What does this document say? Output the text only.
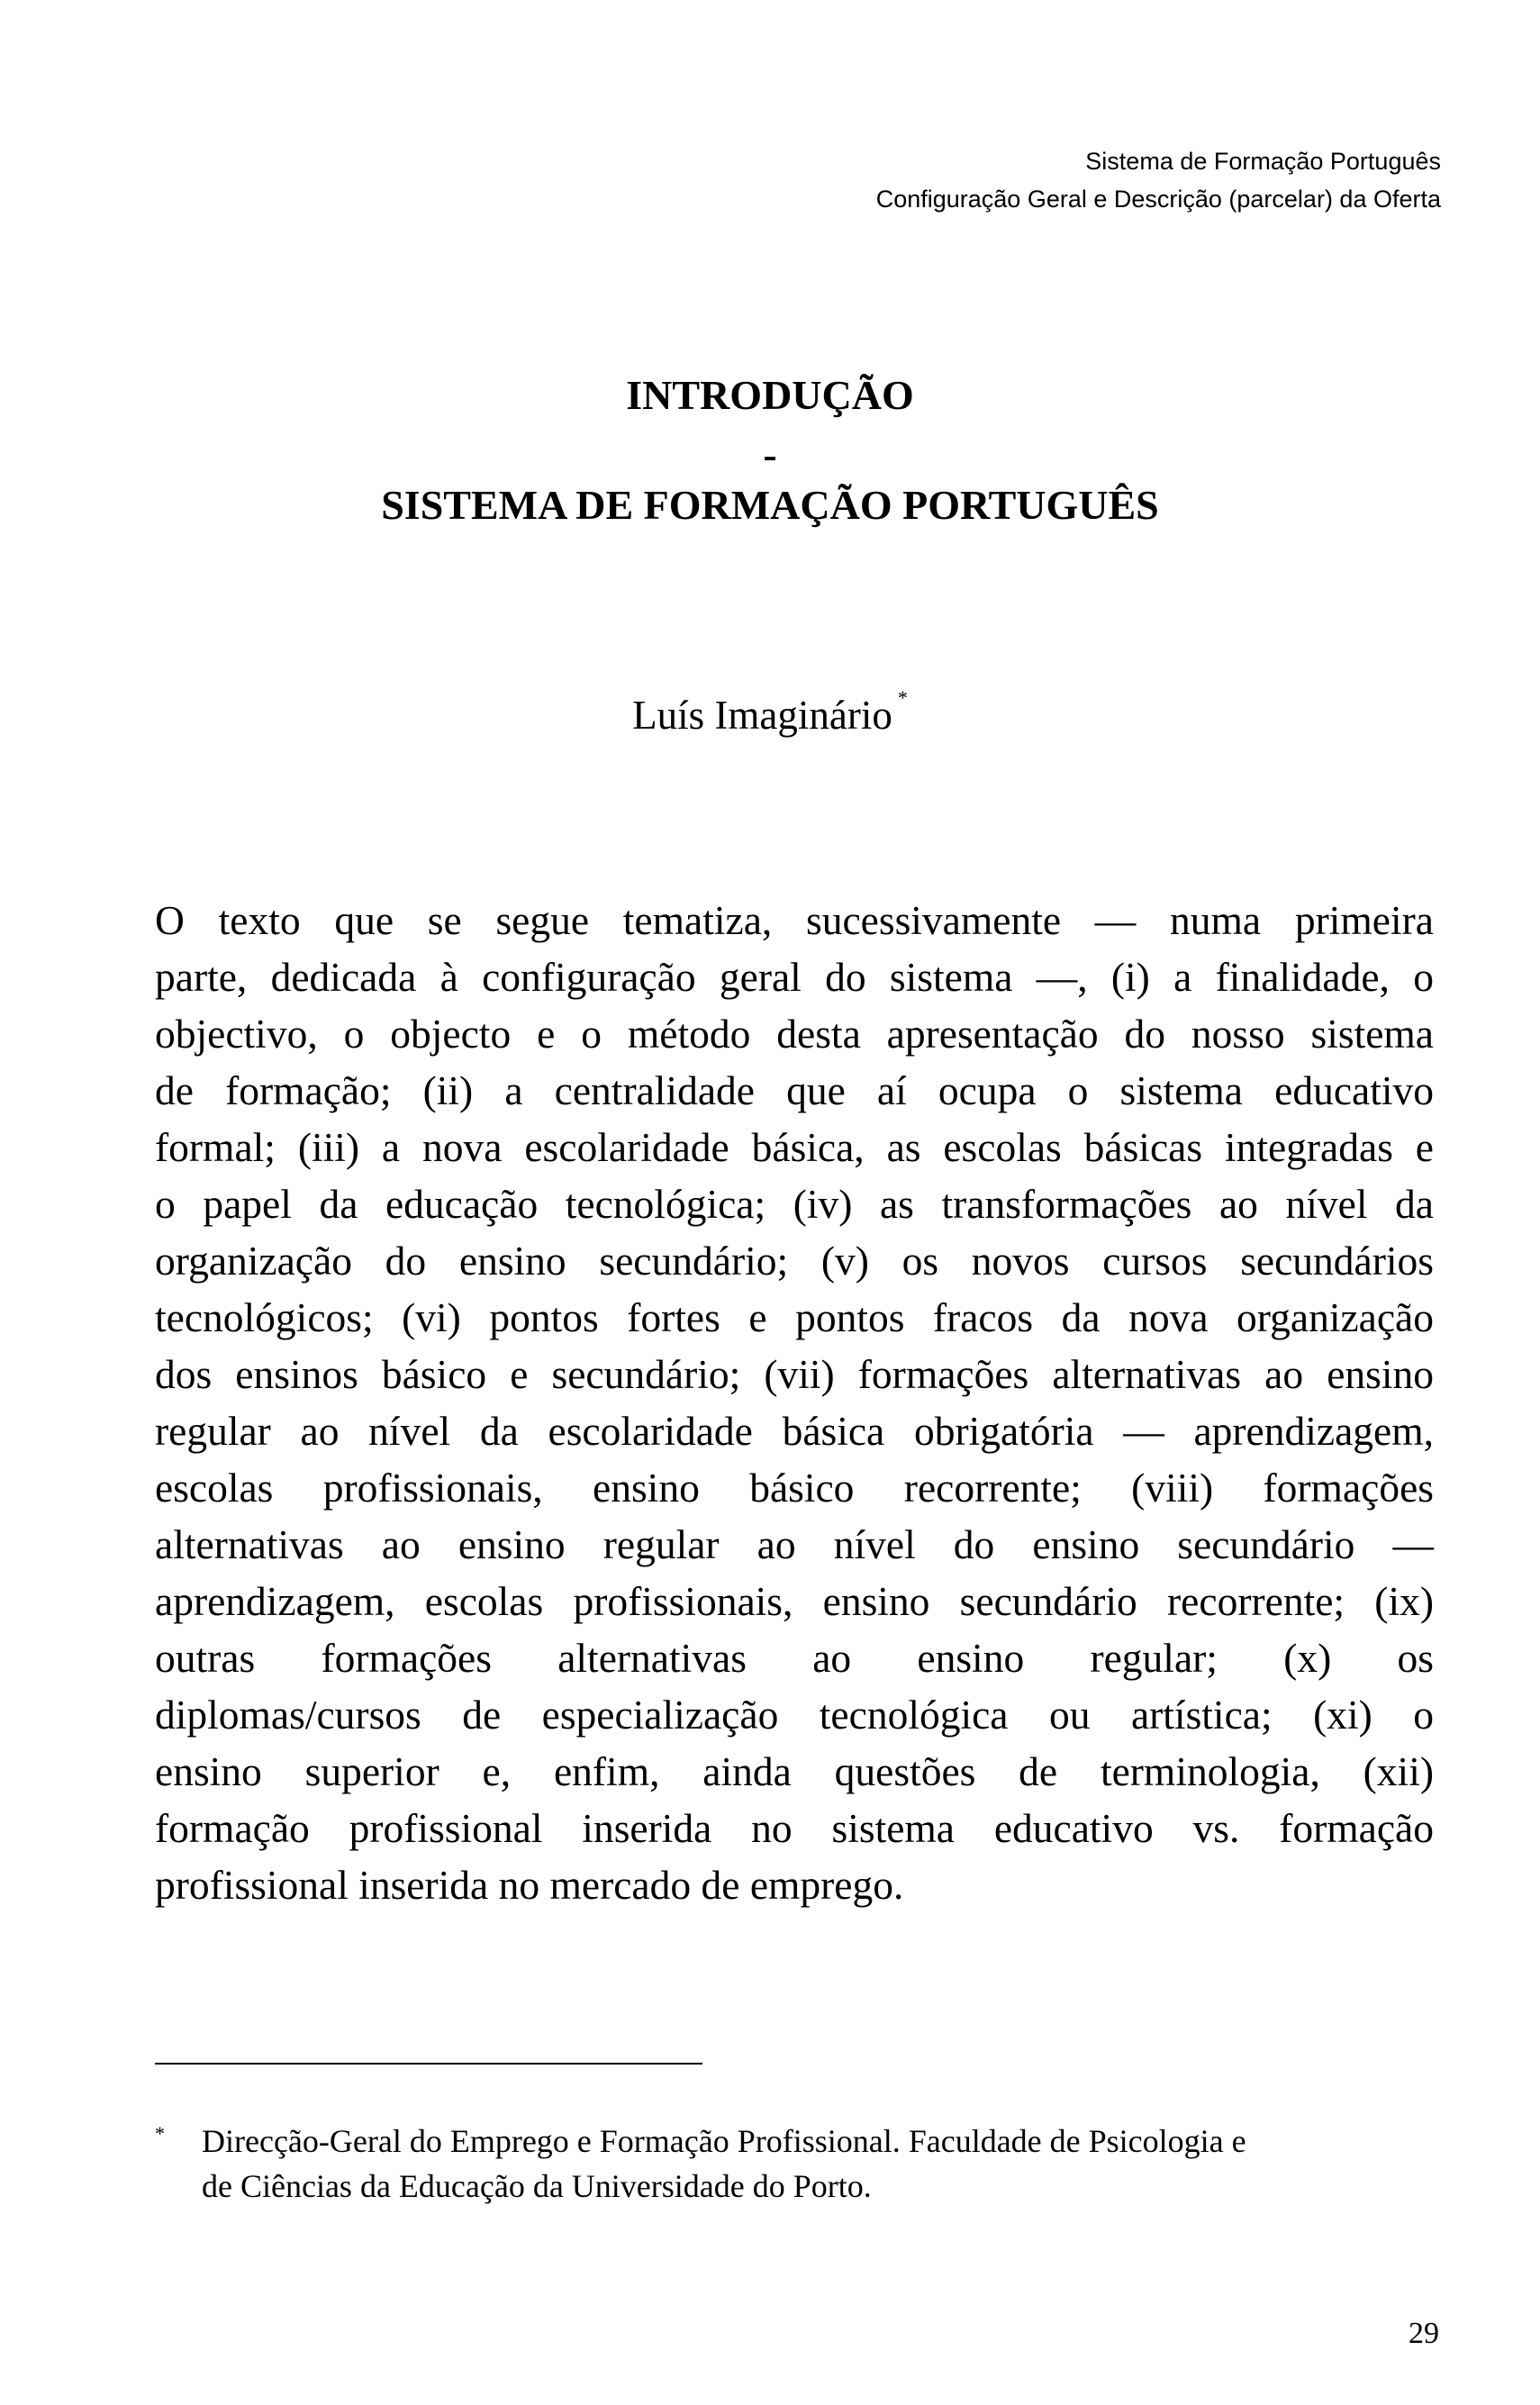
Sistema de Formação Português
Configuração Geral e Descrição (parcelar) da Oferta
INTRODUÇÃO
-
SISTEMA DE FORMAÇÃO PORTUGUÊS
Luís Imaginário *
O texto que se segue tematiza, sucessivamente — numa primeira
parte, dedicada à configuração geral do sistema —, (i) a finalidade, o
objectivo, o objecto e o método desta apresentação do nosso sistema
de formação; (ii) a centralidade que aí ocupa o sistema educativo
formal; (iii) a nova escolaridade básica, as escolas básicas integradas e
o papel da educação tecnológica; (iv) as transformações ao nível da
organização do ensino secundário; (v) os novos cursos secundários
tecnológicos; (vi) pontos fortes e pontos fracos da nova organização
dos ensinos básico e secundário; (vii) formações alternativas ao ensino
regular ao nível da escolaridade básica obrigatória — aprendizagem,
escolas profissionais, ensino básico recorrente; (viii) formações
alternativas ao ensino regular ao nível do ensino secundário —
aprendizagem, escolas profissionais, ensino secundário recorrente; (ix)
outras formações alternativas ao ensino regular; (x) os
diplomas/cursos de especialização tecnológica ou artística; (xi) o
ensino superior e, enfim, ainda questões de terminologia, (xii)
formação profissional inserida no sistema educativo vs. formação
profissional inserida no mercado de emprego.
* Direcção-Geral do Emprego e Formação Profissional. Faculdade de Psicologia e
de Ciências da Educação da Universidade do Porto.
29
